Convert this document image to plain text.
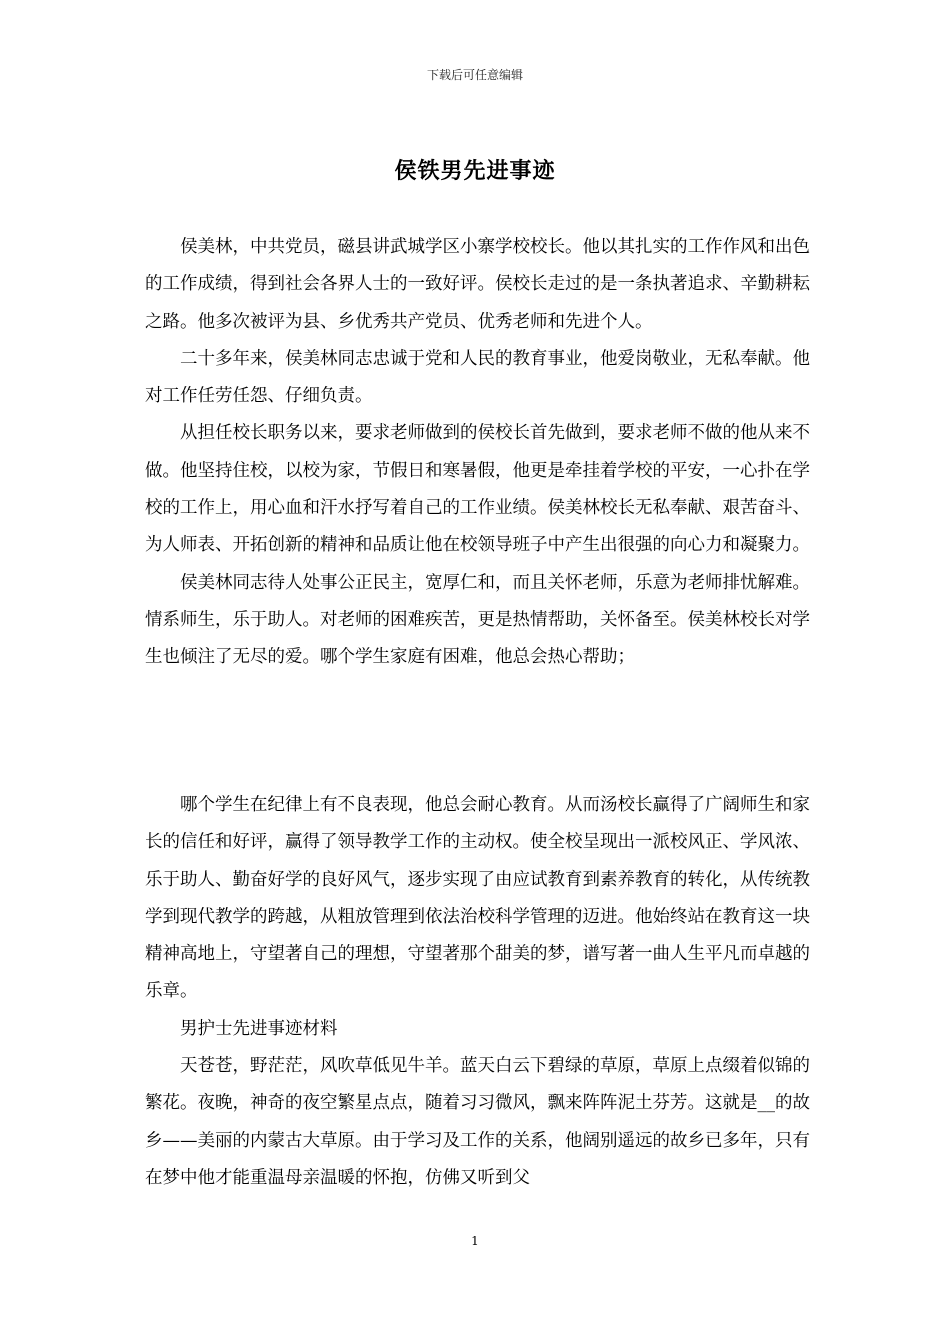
下载后可任意编辑
侯铁男先进事迹

侯美林，中共党员，磁县讲武城学区小寨学校校长。他以其扎实的工作作风和出色的工作成绩，得到社会各界人士的一致好评。侯校长走过的是一条执著追求、辛勤耕耘之路。他多次被评为县、乡优秀共产党员、优秀老师和先进个人。

二十多年来，侯美林同志忠诚于党和人民的教育事业，他爱岗敬业，无私奉献。他对工作任劳任怨、仔细负责。

从担任校长职务以来，要求老师做到的侯校长首先做到，要求老师不做的他从来不做。他坚持住校，以校为家，节假日和寒暑假，他更是牵挂着学校的平安，一心扑在学校的工作上，用心血和汗水抒写着自己的工作业绩。侯美林校长无私奉献、艰苦奋斗、为人师表、开拓创新的精神和品质让他在校领导班子中产生出很强的向心力和凝聚力。

侯美林同志待人处事公正民主，宽厚仁和，而且关怀老师，乐意为老师排忧解难。情系师生，乐于助人。对老师的困难疾苦，更是热情帮助，关怀备至。侯美林校长对学生也倾注了无尽的爱。哪个学生家庭有困难，他总会热心帮助；

哪个学生在纪律上有不良表现，他总会耐心教育。从而汤校长赢得了广阔师生和家长的信任和好评，赢得了领导教学工作的主动权。使全校呈现出一派校风正、学风浓、乐于助人、勤奋好学的良好风气，逐步实现了由应试教育到素养教育的转化，从传统教学到现代教学的跨越，从粗放管理到依法治校科学管理的迈进。他始终站在教育这一块精神高地上，守望著自己的理想，守望著那个甜美的梦，谱写著一曲人生平凡而卓越的乐章。

男护士先进事迹材料

天苍苍，野茫茫，风吹草低见牛羊。蓝天白云下碧绿的草原，草原上点缀着似锦的繁花。夜晚，神奇的夜空繁星点点，随着习习微风，飘来阵阵泥土芬芳。这就是__的故乡——美丽的内蒙古大草原。由于学习及工作的关系，他阔别遥远的故乡已多年，只有在梦中他才能重温母亲温暖的怀抱，仿佛又听到父

1
